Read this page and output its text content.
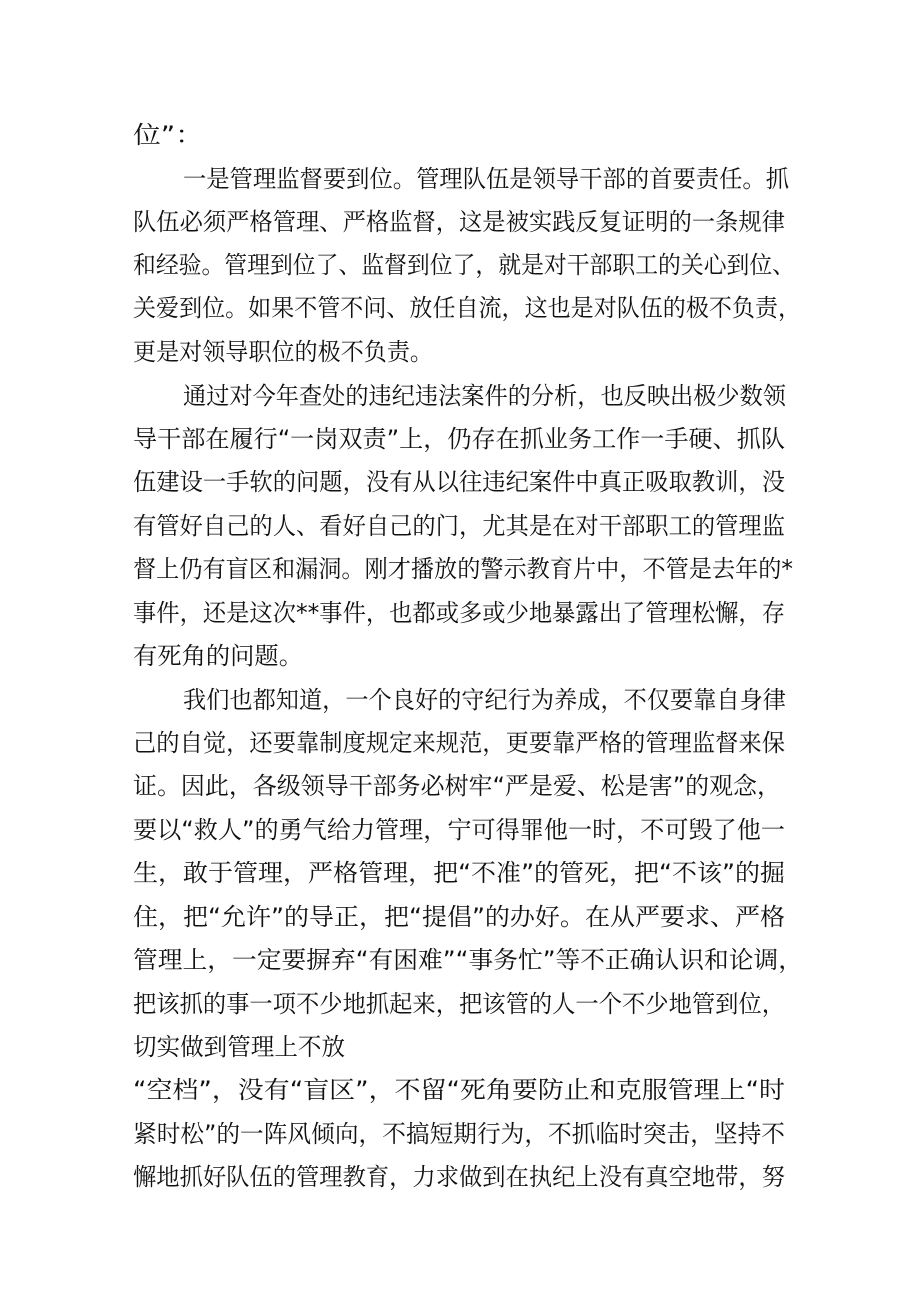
位”：
一是管理监督要到位。管理队伍是领导干部的首要责任。抓
队伍必须严格管理、严格监督，这是被实践反复证明的一条规律
和经验。管理到位了、监督到位了，就是对干部职工的关心到位、
关爱到位。如果不管不问、放任自流，这也是对队伍的极不负责，
更是对领导职位的极不负责。
通过对今年查处的违纪违法案件的分析，也反映出极少数领
导干部在履行“一岗双责”上，仍存在抓业务工作一手硬、抓队
伍建设一手软的问题，没有从以往违纪案件中真正吸取教训，没
有管好自己的人、看好自己的门，尤其是在对干部职工的管理监
督上仍有盲区和漏洞。刚才播放的警示教育片中，不管是去年的*
事件，还是这次**事件，也都或多或少地暴露出了管理松懈，存
有死角的问题。
我们也都知道，一个良好的守纪行为养成，不仅要靠自身律
己的自觉，还要靠制度规定来规范，更要靠严格的管理监督来保
证。因此，各级领导干部务必树牢“严是爱、松是害”的观念，
要以“救人”的勇气给力管理，宁可得罪他一时，不可毁了他一
生，敢于管理，严格管理，把“不准”的管死，把“不该”的掘
住，把“允许”的导正，把“提倡”的办好。在从严要求、严格
管理上，一定要摒弃“有困难”“事务忙”等不正确认识和论调，
把该抓的事一项不少地抓起来，把该管的人一个不少地管到位，
切实做到管理上不放
“空档”，没有“盲区”，不留“死角要防止和克服管理上“时
紧时松”的一阵风倾向，不搞短期行为，不抓临时突击，坚持不
懈地抓好队伍的管理教育，力求做到在执纪上没有真空地带，努
